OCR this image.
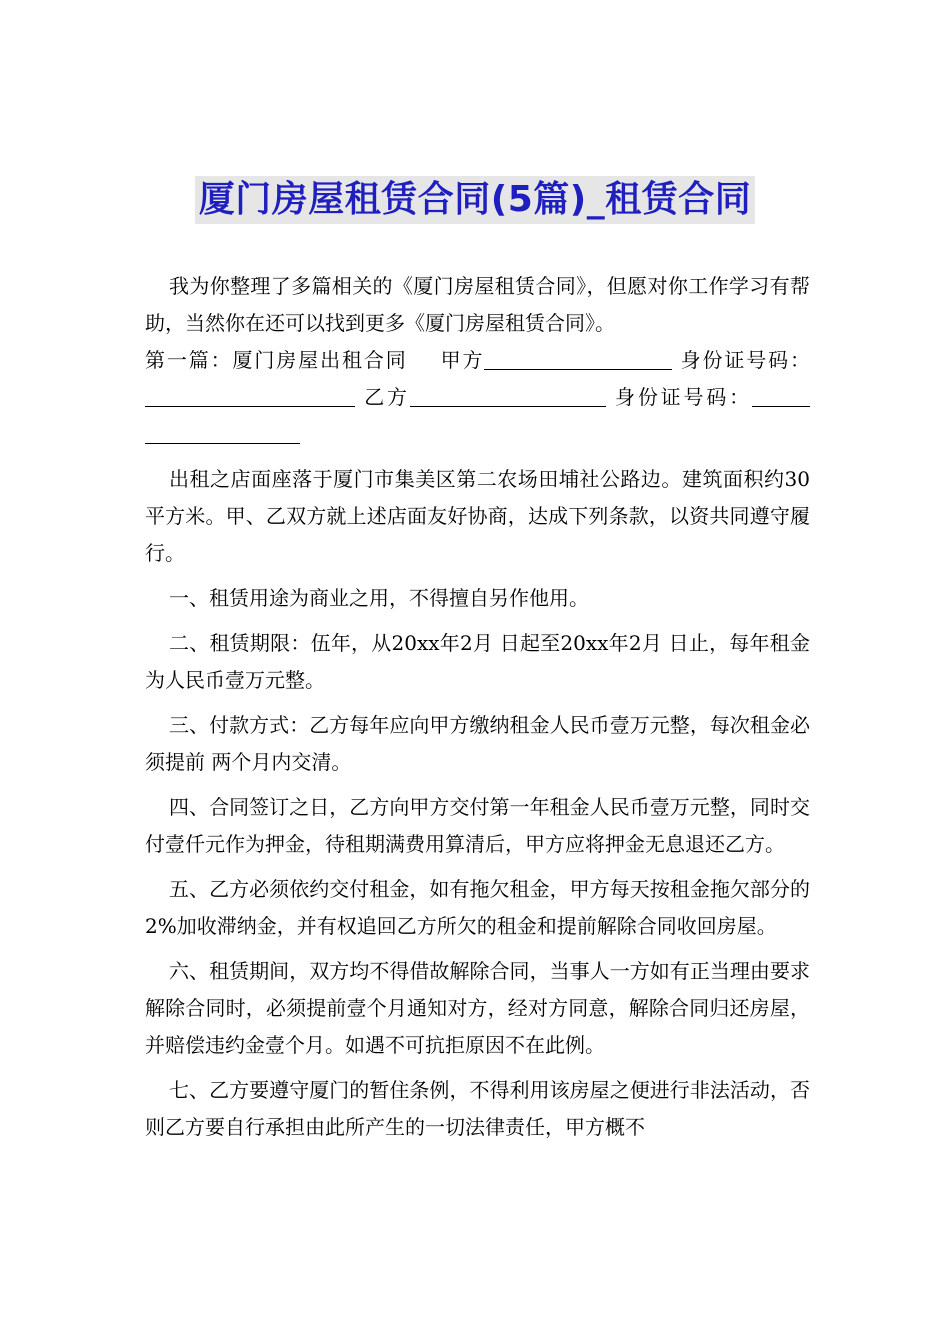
厦门房屋租赁合同(5篇)_租赁合同

我为你整理了多篇相关的《厦门房屋租赁合同》，但愿对你工作学习有帮助，当然你在还可以找到更多《厦门房屋租赁合同》。

第一篇：厦门房屋出租合同 甲方	身份证号码： 乙方	身份证号码：

出租之店面座落于厦门市集美区第二农场田埔社公路边。建筑面积约30平方米。甲、乙双方就上述店面友好协商，达成下列条款，以资共同遵守履行。

一、租赁用途为商业之用，不得擅自另作他用。

二、租赁期限：伍年，从20xx年2月 日起至20xx年2月 日止，每年租金为人民币壹万元整。

三、付款方式：乙方每年应向甲方缴纳租金人民币壹万元整，每次租金必须提前 两个月内交清。

四、合同签订之日，乙方向甲方交付第一年租金人民币壹万元整，同时交付壹仟元作为押金，待租期满费用算清后，甲方应将押金无息退还乙方。

五、乙方必须依约交付租金，如有拖欠租金，甲方每天按租金拖欠部分的2%加收滞纳金，并有权追回乙方所欠的租金和提前解除合同收回房屋。

六、租赁期间，双方均不得借故解除合同，当事人一方如有正当理由要求解除合同时，必须提前壹个月通知对方，经对方同意，解除合同归还房屋，并赔偿违约金壹个月。如遇不可抗拒原因不在此例。

七、乙方要遵守厦门的暂住条例，不得利用该房屋之便进行非法活动，否则乙方要自行承担由此所产生的一切法律责任，甲方概不
